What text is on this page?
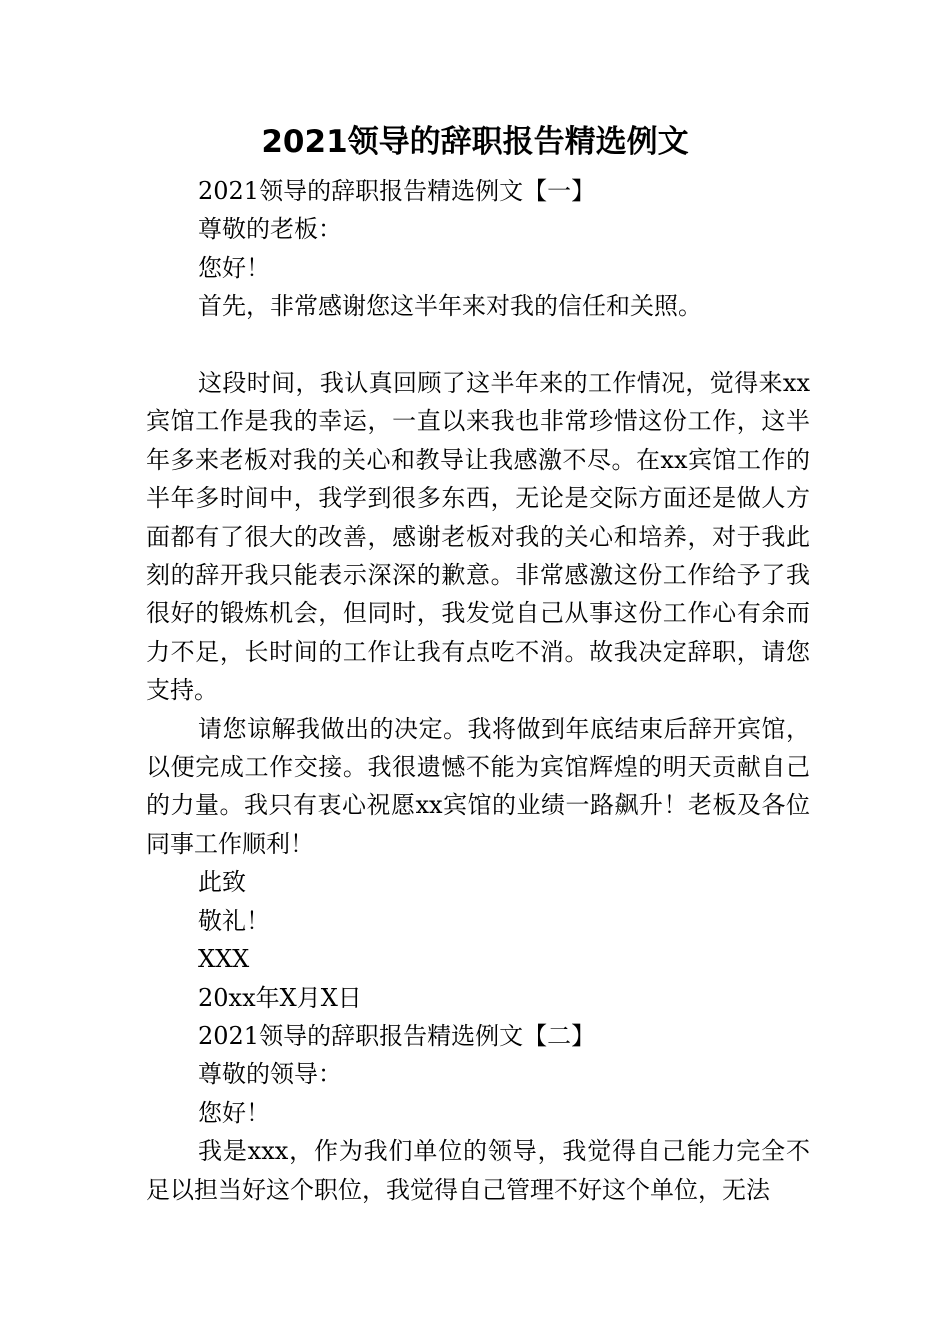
2021领导的辞职报告精选例文

2021领导的辞职报告精选例文【一】

尊敬的老板：

您好！

首先，非常感谢您这半年来对我的信任和关照。

这段时间，我认真回顾了这半年来的工作情况，觉得来xx宾馆工作是我的幸运，一直以来我也非常珍惜这份工作，这半年多来老板对我的关心和教导让我感激不尽。在xx宾馆工作的半年多时间中，我学到很多东西，无论是交际方面还是做人方面都有了很大的改善，感谢老板对我的关心和培养，对于我此刻的辞开我只能表示深深的歉意。非常感激这份工作给予了我很好的锻炼机会，但同时，我发觉自己从事这份工作心有余而力不足，长时间的工作让我有点吃不消。故我决定辞职，请您支持。

请您谅解我做出的决定。我将做到年底结束后辞开宾馆，以便完成工作交接。我很遗憾不能为宾馆辉煌的明天贡献自己的力量。我只有衷心祝愿xx宾馆的业绩一路飙升！老板及各位同事工作顺利！

此致

敬礼！

XXX

20xx年X月X日

2021领导的辞职报告精选例文【二】

尊敬的领导：

您好！

我是xxx，作为我们单位的领导，我觉得自己能力完全不足以担当好这个职位，我觉得自己管理不好这个单位，无法
